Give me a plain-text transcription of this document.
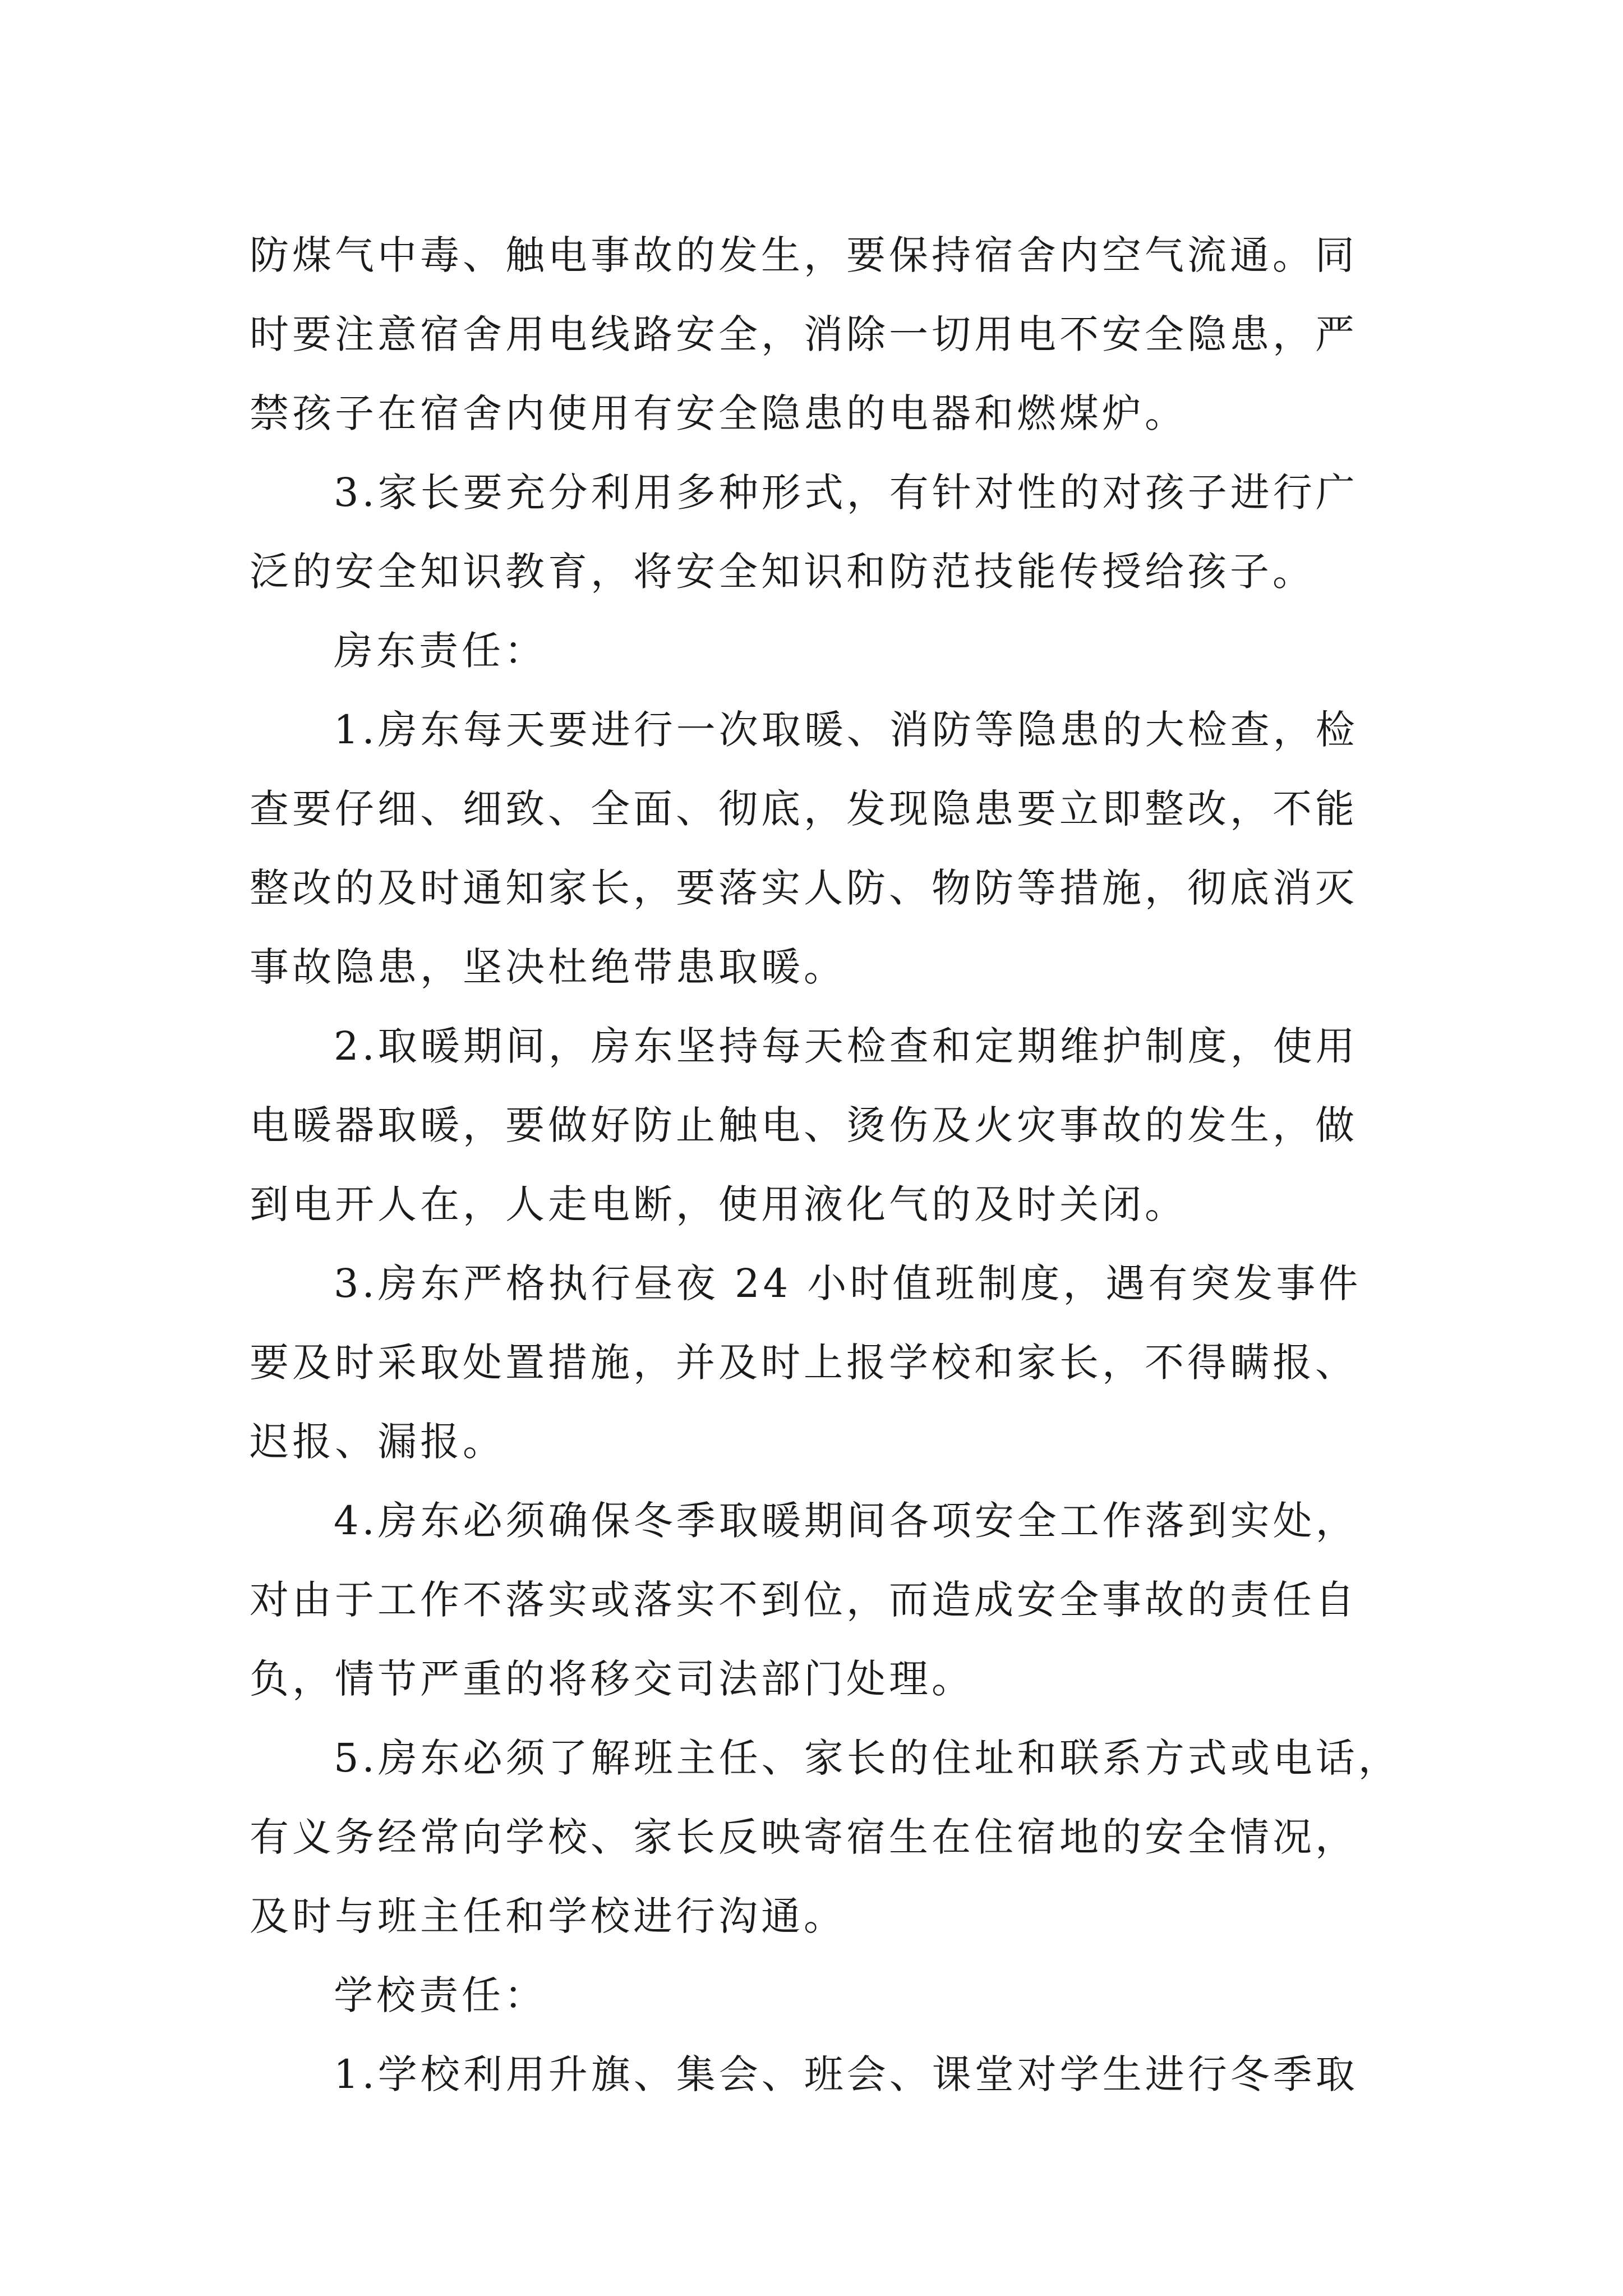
防煤气中毒、触电事故的发生，要保持宿舍内空气流通。同
时要注意宿舍用电线路安全，消除一切用电不安全隐患，严
禁孩子在宿舍内使用有安全隐患的电器和燃煤炉。
3.家长要充分利用多种形式，有针对性的对孩子进行广
泛的安全知识教育，将安全知识和防范技能传授给孩子。
房东责任：
1.房东每天要进行一次取暖、消防等隐患的大检查，检
查要仔细、细致、全面、彻底，发现隐患要立即整改，不能
整改的及时通知家长，要落实人防、物防等措施，彻底消灭
事故隐患，坚决杜绝带患取暖。
2.取暖期间，房东坚持每天检查和定期维护制度，使用
电暖器取暖，要做好防止触电、烫伤及火灾事故的发生，做
到电开人在，人走电断，使用液化气的及时关闭。
3.房东严格执行昼夜 24 小时值班制度，遇有突发事件
要及时采取处置措施，并及时上报学校和家长，不得瞒报、
迟报、漏报。
4.房东必须确保冬季取暖期间各项安全工作落到实处，
对由于工作不落实或落实不到位，而造成安全事故的责任自
负，情节严重的将移交司法部门处理。
5.房东必须了解班主任、家长的住址和联系方式或电话，
有义务经常向学校、家长反映寄宿生在住宿地的安全情况，
及时与班主任和学校进行沟通。
学校责任：
1.学校利用升旗、集会、班会、课堂对学生进行冬季取
